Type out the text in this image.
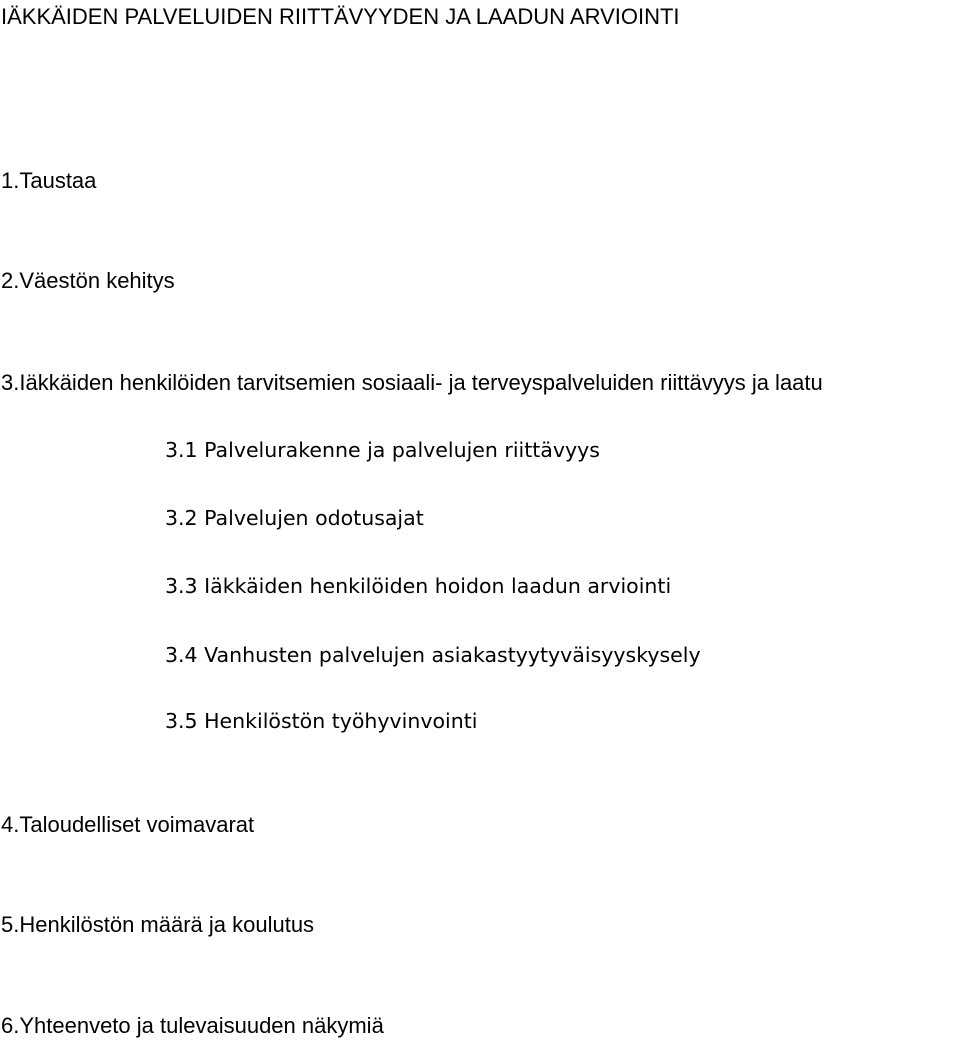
IÄKKÄIDEN PALVELUIDEN RIITTÄVYYDEN JA LAADUN ARVIOINTI
1.Taustaa
2.Väestön kehitys
3.Iäkkäiden henkilöiden tarvitsemien sosiaali- ja terveyspalveluiden riittävyys ja laatu
3.1 Palvelurakenne ja palvelujen riittävyys
3.2 Palvelujen odotusajat
3.3 Iäkkäiden henkilöiden hoidon laadun arviointi
3.4 Vanhusten palvelujen asiakastyytyväisyyskysely
3.5 Henkilöstön työhyvinvointi
4.Taloudelliset voimavarat
5.Henkilöstön määrä ja koulutus
6.Yhteenveto ja tulevaisuuden näkymiä
